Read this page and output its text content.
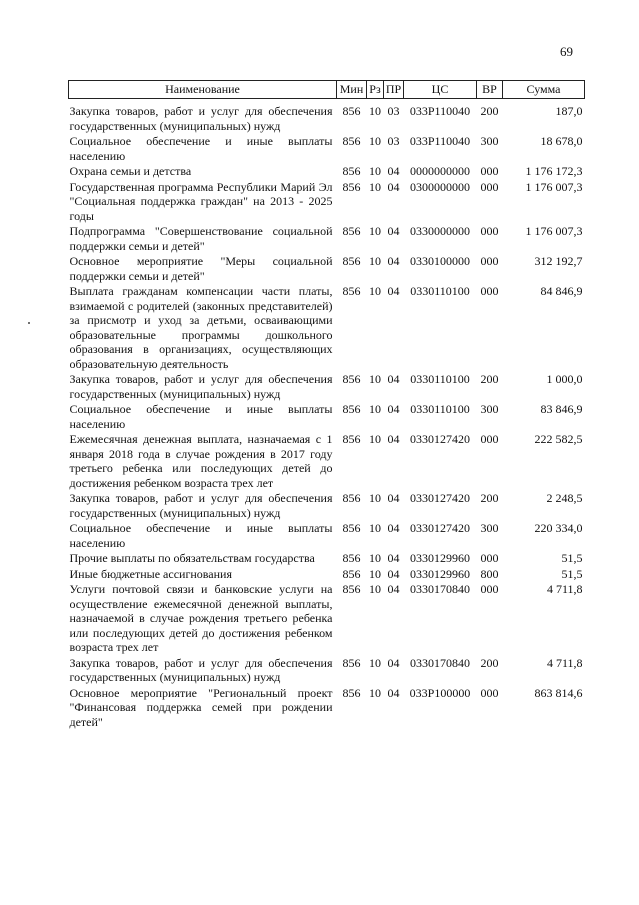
69
Наименование	Мин	Рз	ПР	ЦС	ВР	Сумма
Закупка товаров, работ и услуг для обеспечения государственных (муниципальных) нужд	856	10	03	033P110040	200	187,0
Социальное обеспечение и иные выплаты населению	856	10	03	033P110040	300	18 678,0
Охрана семьи и детства	856	10	04	0000000000	000	1 176 172,3
Государственная программа Республики Марий Эл "Социальная поддержка граждан" на 2013 - 2025 годы	856	10	04	0300000000	000	1 176 007,3
Подпрограмма "Совершенствование социальной поддержки семьи и детей"	856	10	04	0330000000	000	1 176 007,3
Основное мероприятие "Меры социальной поддержки семьи и детей"	856	10	04	0330100000	000	312 192,7
Выплата гражданам компенсации части платы, взимаемой с родителей (законных представителей) за присмотр и уход за детьми, осваивающими образовательные программы дошкольного образования в организациях, осуществляющих образовательную деятельность	856	10	04	0330110100	000	84 846,9
Закупка товаров, работ и услуг для обеспечения государственных (муниципальных) нужд	856	10	04	0330110100	200	1 000,0
Социальное обеспечение и иные выплаты населению	856	10	04	0330110100	300	83 846,9
Ежемесячная денежная выплата, назначаемая с 1 января 2018 года в случае рождения в 2017 году третьего ребенка или последующих детей до достижения ребенком возраста трех лет	856	10	04	0330127420	000	222 582,5
Закупка товаров, работ и услуг для обеспечения государственных (муниципальных) нужд	856	10	04	0330127420	200	2 248,5
Социальное обеспечение и иные выплаты населению	856	10	04	0330127420	300	220 334,0
Прочие выплаты по обязательствам государства	856	10	04	0330129960	000	51,5
Иные бюджетные ассигнования	856	10	04	0330129960	800	51,5
Услуги почтовой связи и банковские услуги на осуществление ежемесячной денежной выплаты, назначаемой в случае рождения третьего ребенка или последующих детей до достижения ребенком возраста трех лет	856	10	04	0330170840	000	4 711,8
Закупка товаров, работ и услуг для обеспечения государственных (муниципальных) нужд	856	10	04	0330170840	200	4 711,8
Основное мероприятие "Региональный проект "Финансовая поддержка семей при рождении детей"	856	10	04	033P100000	000	863 814,6
